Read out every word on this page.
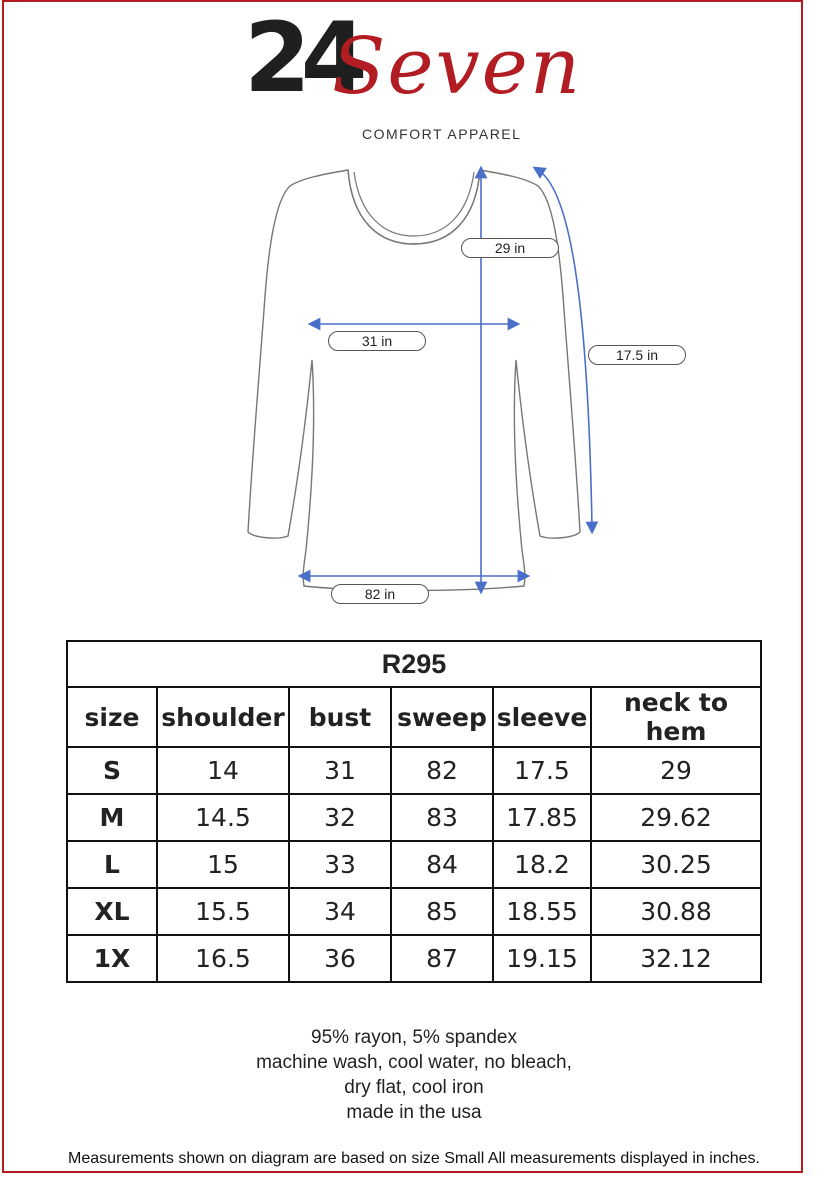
24
Seven
COMFORT APPAREL
29 in
31 in
17.5 in
82 in
R295					
size	shoulder	bust	sweep	sleeve	neck to hem
S	14	31	82	17.5	29
M	14.5	32	83	17.85	29.62
L	15	33	84	18.2	30.25
XL	15.5	34	85	18.55	30.88
1X	16.5	36	87	19.15	32.12
95% rayon, 5% spandex
machine wash, cool water, no bleach,
dry flat, cool iron
made in the usa
Measurements shown on diagram are based on size Small All measurements displayed in inches.
